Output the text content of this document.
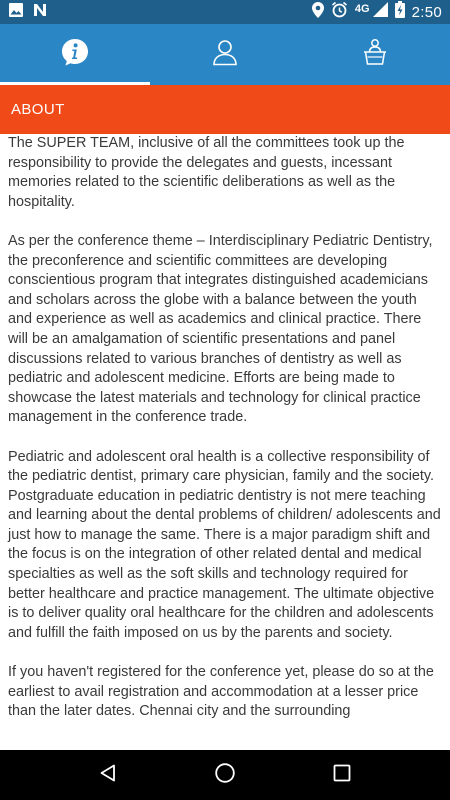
4G	2:50
ABOUT

The SUPER TEAM, inclusive of all the committees took up the responsibility to provide the delegates and guests, incessant memories related to the scientific deliberations as well as the hospitality.

As per the conference theme – Interdisciplinary Pediatric Dentistry, the preconference and scientific committees are developing conscientious program that integrates distinguished academicians and scholars across the globe with a balance between the youth and experience as well as academics and clinical practice. There will be an amalgamation of scientific presentations and panel discussions related to various branches of dentistry as well as pediatric and adolescent medicine. Efforts are being made to showcase the latest materials and technology for clinical practice management in the conference trade.

Pediatric and adolescent oral health is a collective responsibility of the pediatric dentist, primary care physician, family and the society. Postgraduate education in pediatric dentistry is not mere teaching and learning about the dental problems of children/ adolescents and just how to manage the same. There is a major paradigm shift and the focus is on the integration of other related dental and medical specialties as well as the soft skills and technology required for better healthcare and practice management. The ultimate objective is to deliver quality oral healthcare for the children and adolescents and fulfill the faith imposed on us by the parents and society.

If you haven't registered for the conference yet, please do so at the earliest to avail registration and accommodation at a lesser price than the later dates. Chennai city and the surrounding
